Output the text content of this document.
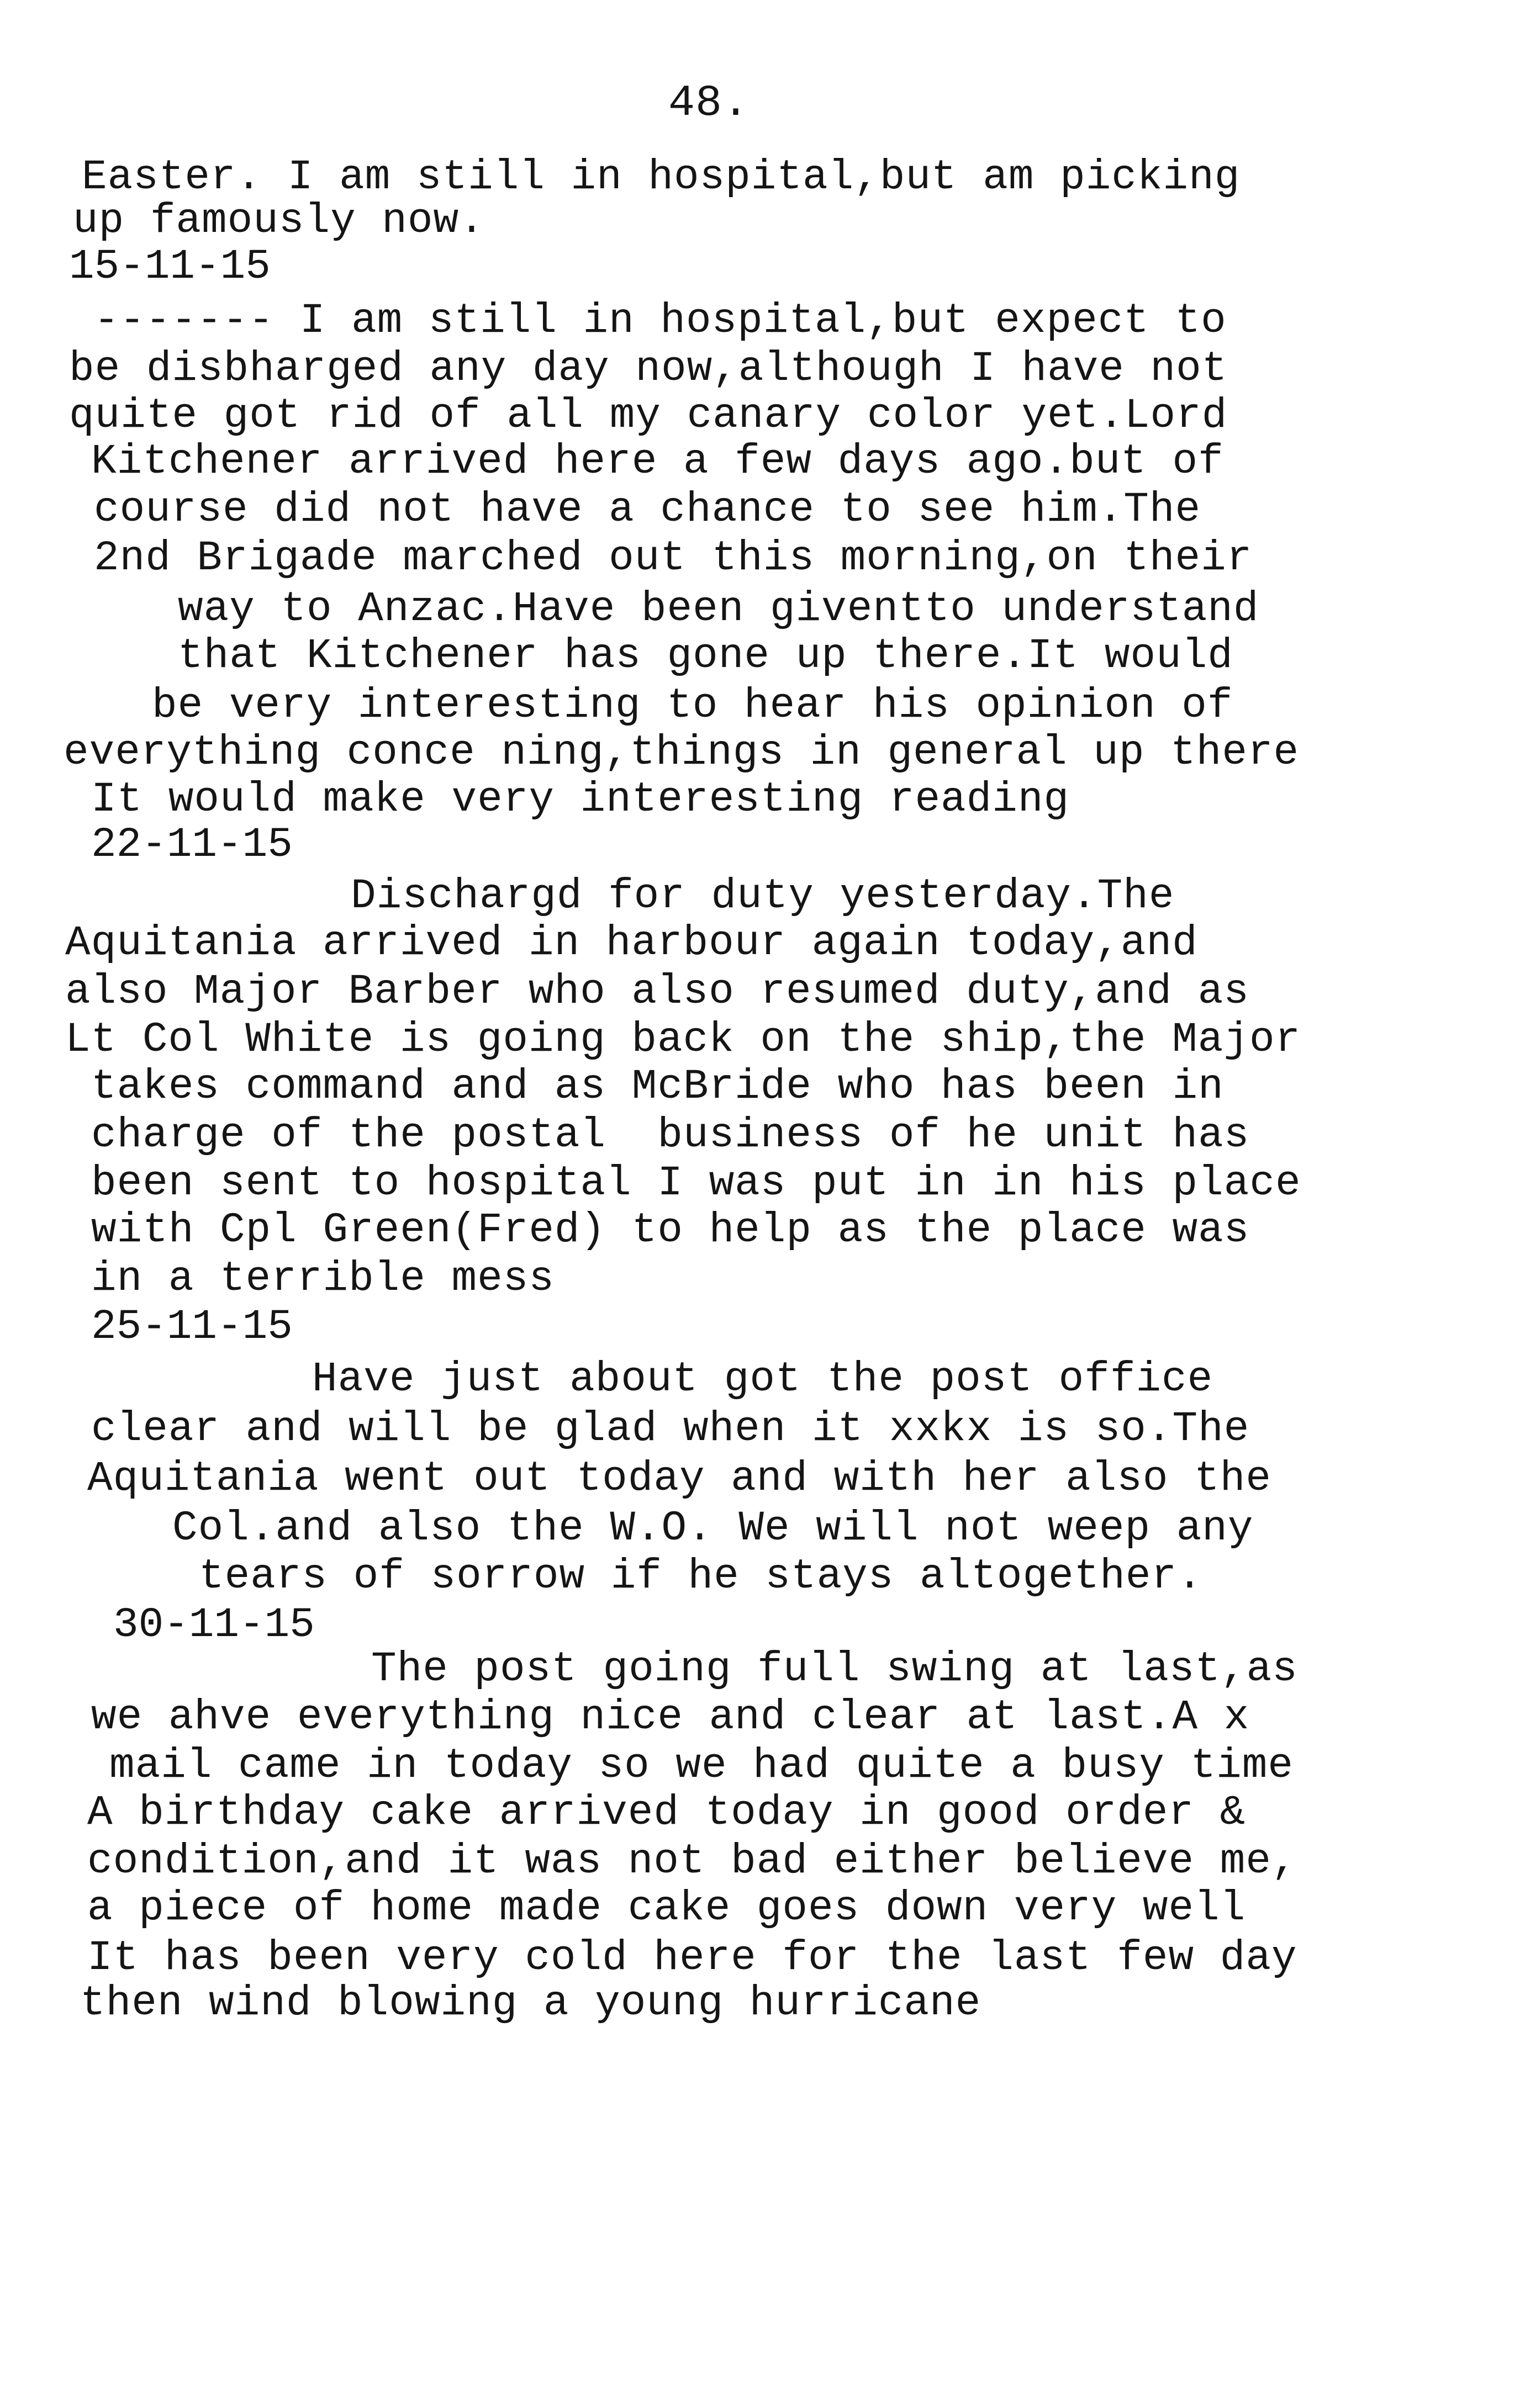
48.
Easter. I am still in hospital,but am picking
up famously now.
15-11-15
------- I am still in hospital,but expect to
be disbharged any day now,although I have not
quite got rid of all my canary color yet.Lord
Kitchener arrived here a few days ago.but of
course did not have a chance to see him.The
2nd Brigade marched out this morning,on their
way to Anzac.Have been giventto understand
that Kitchener has gone up there.It would
be very interesting to hear his opinion of
everything conce ning,things in general up there
It would make very interesting reading
22-11-15
Dischargd for duty yesterday.The
Aquitania arrived in harbour again today,and
also Major Barber who also resumed duty,and as
Lt Col White is going back on the ship,the Major
takes command and as McBride who has been in
charge of the postal  business of he unit has
been sent to hospital I was put in in his place
with Cpl Green(Fred) to help as the place was
in a terrible mess
25-11-15
Have just about got the post office
clear and will be glad when it xxkx is so.The
Aquitania went out today and with her also the
Col.and also the W.O. We will not weep any
tears of sorrow if he stays altogether.
30-11-15
The post going full swing at last,as
we ahve everything nice and clear at last.A x
mail came in today so we had quite a busy time
A birthday cake arrived today in good order &
condition,and it was not bad either believe me,
a piece of home made cake goes down very well
It has been very cold here for the last few day
then wind blowing a young hurricane
